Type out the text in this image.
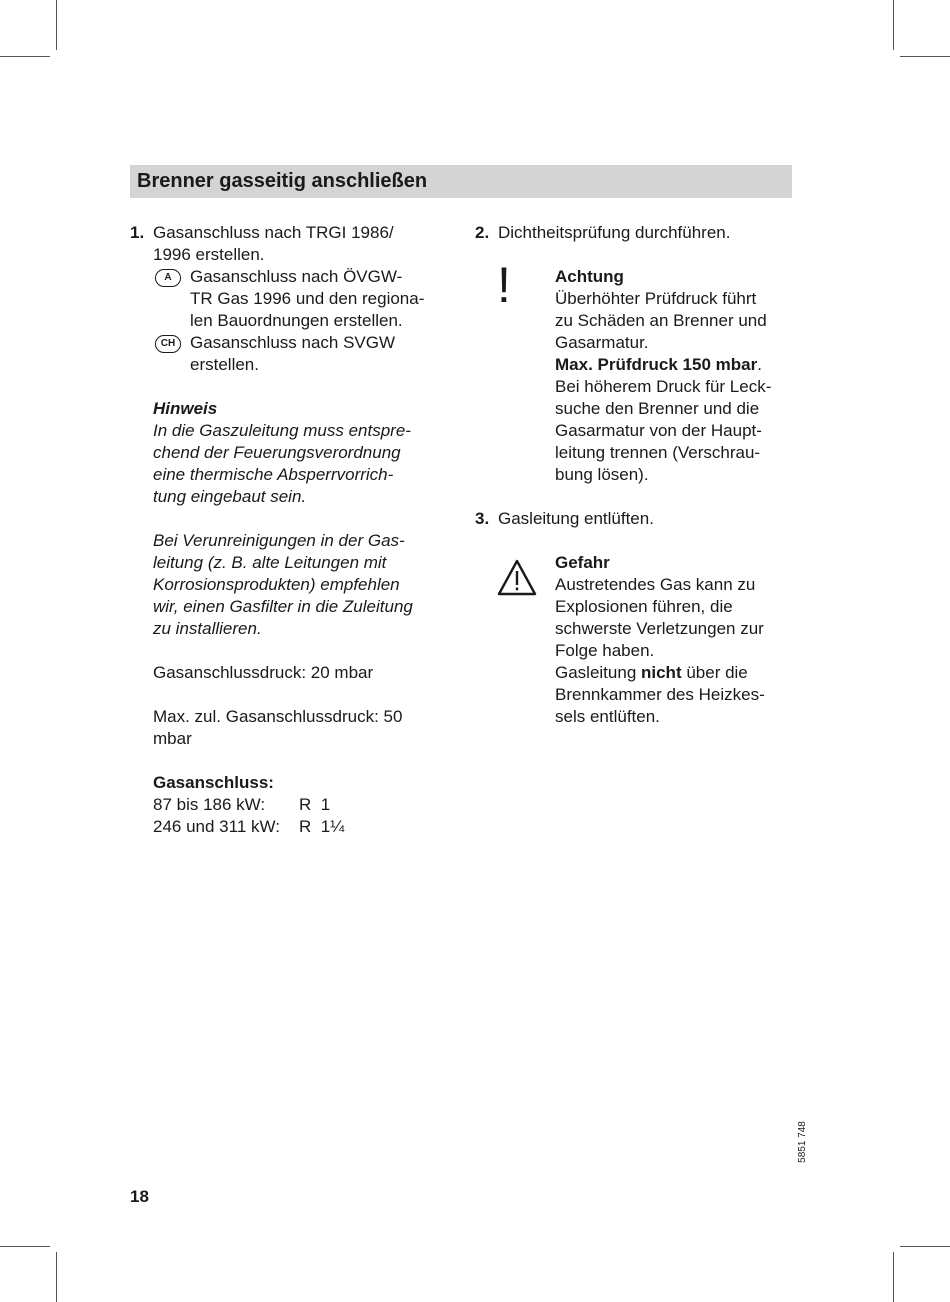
Brenner gasseitig anschließen
1. Gasanschluss nach TRGI 1986/
1996 erstellen.
A	Gasanschluss nach ÖVGW-
TR Gas 1996 und den regiona-
len Bauordnungen erstellen.
CH Gasanschluss nach SVGW
erstellen.
Hinweis
In die Gaszuleitung muss entspre-
chend der Feuerungsverordnung
eine thermische Absperrvorrich-
tung eingebaut sein.
Bei Verunreinigungen in der Gas-
leitung (z. B. alte Leitungen mit
Korrosionsprodukten) empfehlen
wir, einen Gasfilter in die Zuleitung
zu installieren.
Gasanschlussdruck: 20 mbar
Max. zul. Gasanschlussdruck: 50
mbar
Gasanschluss:
87 bis 186 kW:	R  1
246 und 311 kW:	R  1¼
2. Dichtheitsprüfung durchführen.
!	Achtung
Überhöhter Prüfdruck führt
zu Schäden an Brenner und
Gasarmatur.
Max. Prüfdruck 150 mbar.
Bei höherem Druck für Leck-
suche den Brenner und die
Gasarmatur von der Haupt-
leitung trennen (Verschrau-
bung lösen).
3. Gasleitung entlüften.
Gefahr
Austretendes Gas kann zu
Explosionen führen, die
schwerste Verletzungen zur
Folge haben.
Gasleitung nicht über die
Brennkammer des Heizkes-
sels entlüften.
5851 748
18
